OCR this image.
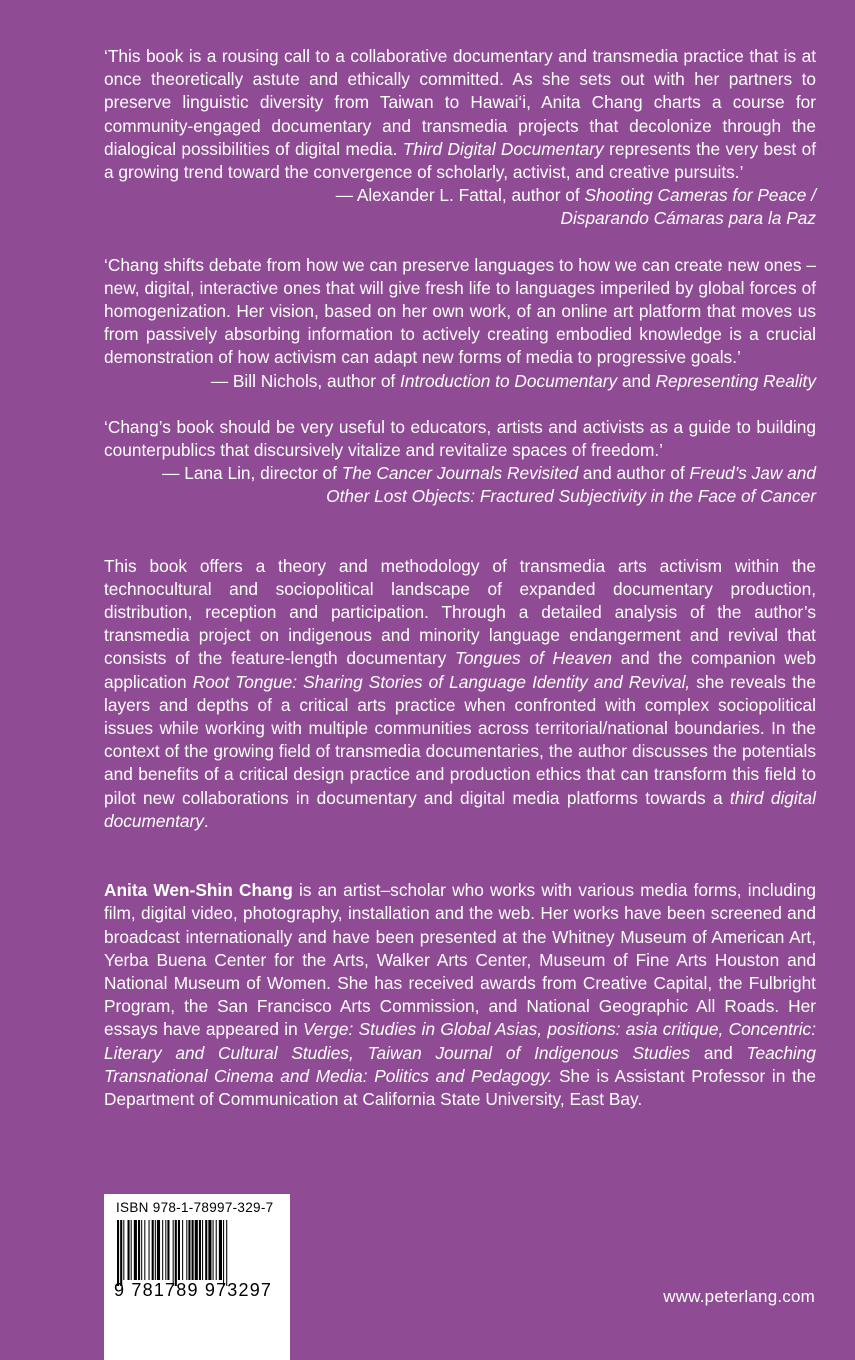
‘This book is a rousing call to a collaborative documentary and transmedia practice that is at once theoretically astute and ethically committed. As she sets out with her partners to preserve linguistic diversity from Taiwan to Hawai‘i, Anita Chang charts a course for community-engaged documentary and transmedia projects that decolonize through the dialogical possibilities of digital media. Third Digital Documentary represents the very best of a growing trend toward the convergence of scholarly, activist, and creative pursuits.’

— Alexander L. Fattal, author of Shooting Cameras for Peace /
Disparando Cámaras para la Paz

‘Chang shifts debate from how we can preserve languages to how we can create new ones – new, digital, interactive ones that will give fresh life to languages imperiled by global forces of homogenization. Her vision, based on her own work, of an online art platform that moves us from passively absorbing information to actively creating embodied knowledge is a crucial demonstration of how activism can adapt new forms of media to progressive goals.’

— Bill Nichols, author of Introduction to Documentary and Representing Reality

‘Chang’s book should be very useful to educators, artists and activists as a guide to building counterpublics that discursively vitalize and revitalize spaces of freedom.’

— Lana Lin, director of The Cancer Journals Revisited and author of Freud’s Jaw and
Other Lost Objects: Fractured Subjectivity in the Face of Cancer

This book offers a theory and methodology of transmedia arts activism within the technocultural and sociopolitical landscape of expanded documentary production, distribution, reception and participation. Through a detailed analysis of the author’s transmedia project on indigenous and minority language endangerment and revival that consists of the feature-length documentary Tongues of Heaven and the companion web application Root Tongue: Sharing Stories of Language Identity and Revival, she reveals the layers and depths of a critical arts practice when confronted with complex sociopolitical issues while working with multiple communities across territorial/national boundaries. In the context of the growing field of transmedia documentaries, the author discusses the potentials and benefits of a critical design practice and production ethics that can transform this field to pilot new collaborations in documentary and digital media platforms towards a third digital documentary.

Anita Wen-Shin Chang is an artist–scholar who works with various media forms, including film, digital video, photography, installation and the web. Her works have been screened and broadcast internationally and have been presented at the Whitney Museum of American Art, Yerba Buena Center for the Arts, Walker Arts Center, Museum of Fine Arts Houston and National Museum of Women. She has received awards from Creative Capital, the Fulbright Program, the San Francisco Arts Commission, and National Geographic All Roads. Her essays have appeared in Verge: Studies in Global Asias, positions: asia critique, Concentric: Literary and Cultural Studies, Taiwan Journal of Indigenous Studies and Teaching Transnational Cinema and Media: Politics and Pedagogy. She is Assistant Professor in the Department of Communication at California State University, East Bay.

ISBN 978-1-78997-329-7
9 781789 973297	www.peterlang.com
